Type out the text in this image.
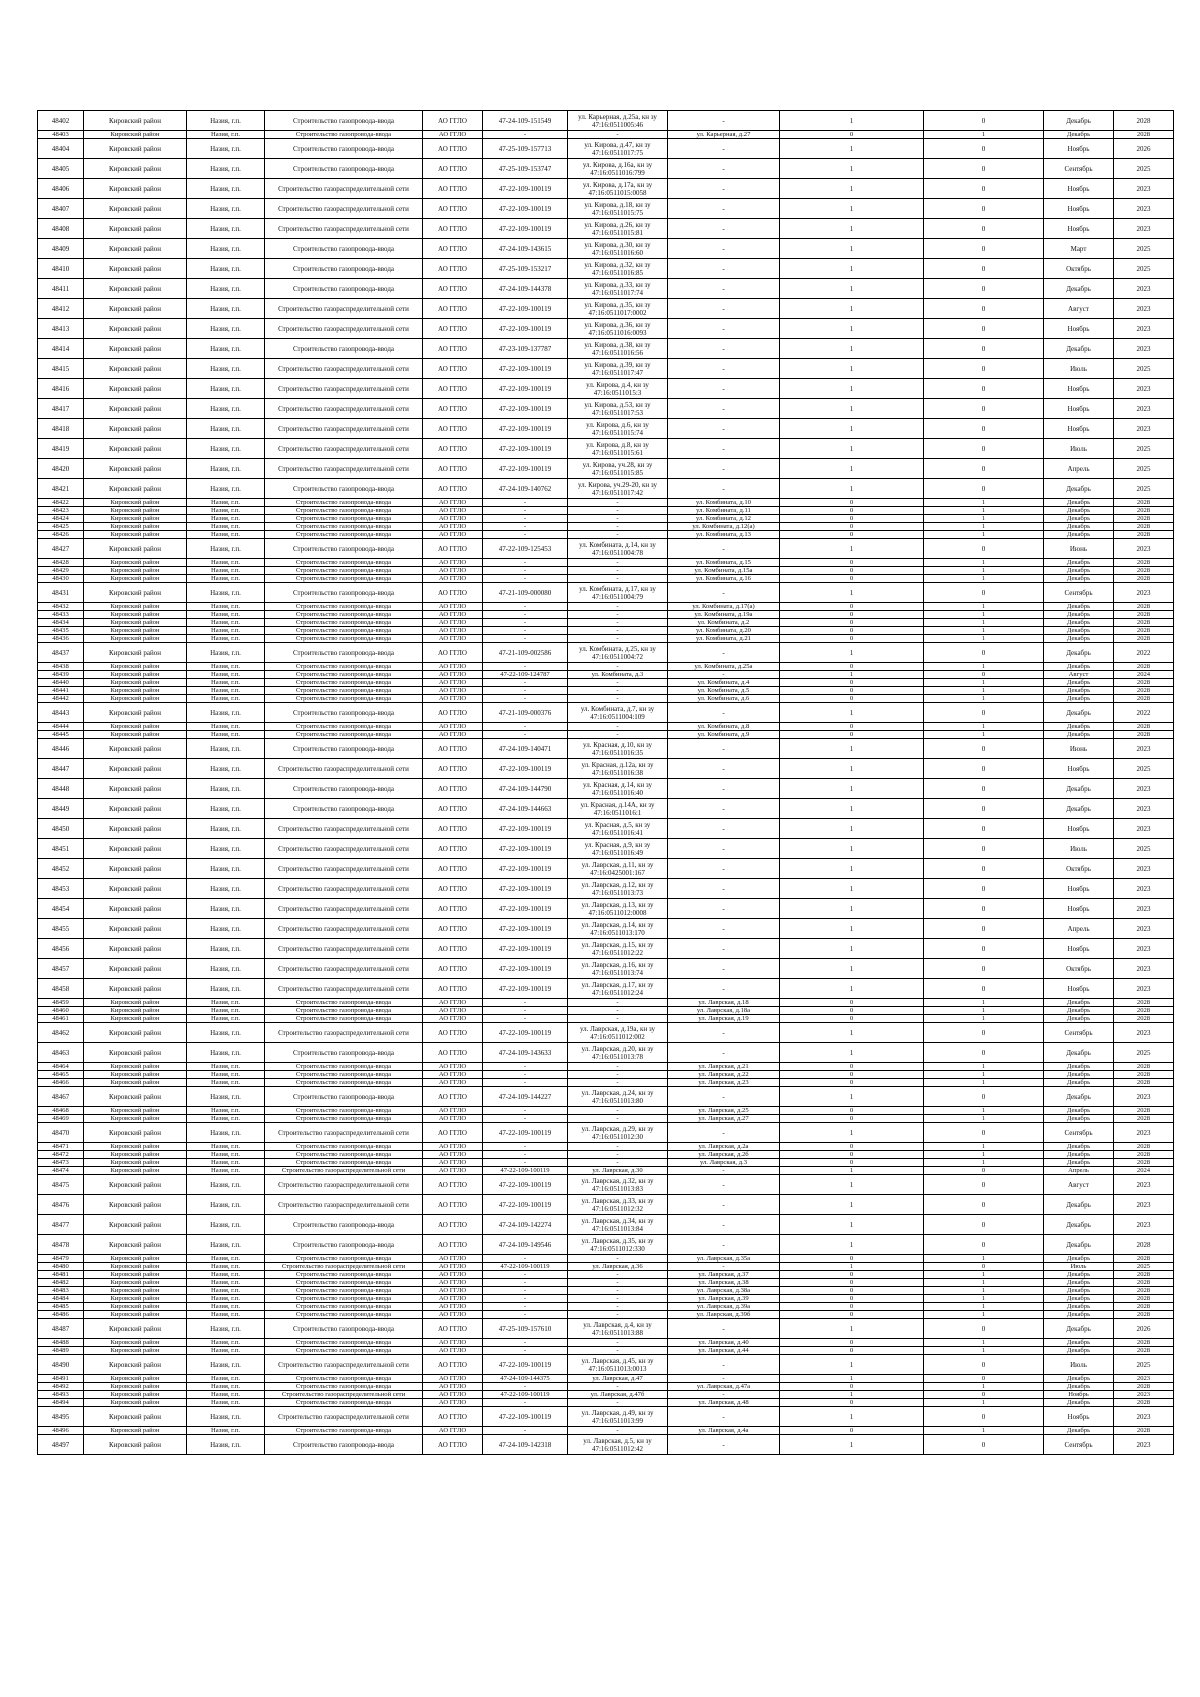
48402	Кировский район	Назия, г.п.	Строительство газопровода-ввода	АО ГГЛО	47-24-109-151549	ул. Карьерная, д.25а, кн зу 47:16:0511005:46	-	1	0	Декабрь	2028
48403	Кировский район	Назия, г.п.	Строительство газопровода-ввода	АО ГГЛО	-	-	ул. Карьерная, д.27	0	1	Декабрь	2028
48404	Кировский район	Назия, г.п.	Строительство газопровода-ввода	АО ГГЛО	47-25-109-157713	ул. Кирова, д.47, кн зу 47:16:0511017:75	-	1	0	Ноябрь	2026
48405	Кировский район	Назия, г.п.	Строительство газопровода-ввода	АО ГГЛО	47-25-109-153747	ул. Кирова, д.16а, кн зу 47:16:0511016:799	-	1	0	Сентябрь	2025
48406	Кировский район	Назия, г.п.	Строительство газораспределительной сети	АО ГГЛО	47-22-109-100119	ул. Кирова, д.17а, кн зу 47:16:0511015:0058	-	1	0	Ноябрь	2023
48407	Кировский район	Назия, г.п.	Строительство газораспределительной сети	АО ГГЛО	47-22-109-100119	ул. Кирова, д.18, кн зу 47:16:0511015:75	-	1	0	Ноябрь	2023
48408	Кировский район	Назия, г.п.	Строительство газораспределительной сети	АО ГГЛО	47-22-109-100119	ул. Кирова, д.26, кн зу 47:16:0511015:81	-	1	0	Ноябрь	2023
48409	Кировский район	Назия, г.п.	Строительство газопровода-ввода	АО ГГЛО	47-24-109-143615	ул. Кирова, д.30, кн зу 47:16:0511016:60	-	1	0	Март	2025
48410	Кировский район	Назия, г.п.	Строительство газопровода-ввода	АО ГГЛО	47-25-109-153217	ул. Кирова, д.32, кн зу 47:16:0511016:85	-	1	0	Октябрь	2025
48411	Кировский район	Назия, г.п.	Строительство газопровода-ввода	АО ГГЛО	47-24-109-144378	ул. Кирова, д.33, кн зу 47:16:0511017:74	-	1	0	Декабрь	2023
48412	Кировский район	Назия, г.п.	Строительство газораспределительной сети	АО ГГЛО	47-22-109-100119	ул. Кирова, д.35, кн зу 47:16:0511017:0002	-	1	0	Август	2023
48413	Кировский район	Назия, г.п.	Строительство газораспределительной сети	АО ГГЛО	47-22-109-100119	ул. Кирова, д.36, кн зу 47:16:0511016:0093	-	1	0	Ноябрь	2023
48414	Кировский район	Назия, г.п.	Строительство газопровода-ввода	АО ГГЛО	47-23-109-137787	ул. Кирова, д.38, кн зу 47:16:0511016:56	-	1	0	Декабрь	2023
48415	Кировский район	Назия, г.п.	Строительство газораспределительной сети	АО ГГЛО	47-22-109-100119	ул. Кирова, д.39, кн зу 47:16:0511017:47	-	1	0	Июль	2025
48416	Кировский район	Назия, г.п.	Строительство газораспределительной сети	АО ГГЛО	47-22-109-100119	ул. Кирова, д.4, кн зу 47:16:0511015:3	-	1	0	Ноябрь	2023
48417	Кировский район	Назия, г.п.	Строительство газораспределительной сети	АО ГГЛО	47-22-109-100119	ул. Кирова, д.53, кн зу 47:16:0511017:53	-	1	0	Ноябрь	2023
48418	Кировский район	Назия, г.п.	Строительство газораспределительной сети	АО ГГЛО	47-22-109-100119	ул. Кирова, д.6, кн зу 47:16:0511015:74	-	1	0	Ноябрь	2023
48419	Кировский район	Назия, г.п.	Строительство газораспределительной сети	АО ГГЛО	47-22-109-100119	ул. Кирова, д.8, кн зу 47:16:0511015:61	-	1	0	Июль	2025
48420	Кировский район	Назия, г.п.	Строительство газораспределительной сети	АО ГГЛО	47-22-109-100119	ул. Кирова, уч.28, кн зу 47:16:0511015:85	-	1	0	Апрель	2025
48421	Кировский район	Назия, г.п.	Строительство газопровода-ввода	АО ГГЛО	47-24-109-140762	ул. Кирова, уч.29-20, кн зу 47:16:0511017:42	-	1	0	Декабрь	2025
48422	Кировский район	Назия, г.п.	Строительство газопровода-ввода	АО ГГЛО	-	-	ул. Комбината, д.10	0	1	Декабрь	2028
48423	Кировский район	Назия, г.п.	Строительство газопровода-ввода	АО ГГЛО	-	-	ул. Комбината, д.11	0	1	Декабрь	2028
48424	Кировский район	Назия, г.п.	Строительство газопровода-ввода	АО ГГЛО	-	-	ул. Комбината, д.12	0	1	Декабрь	2028
48425	Кировский район	Назия, г.п.	Строительство газопровода-ввода	АО ГГЛО	-	-	ул. Комбината, д.12(а)	0	1	Декабрь	2028
48426	Кировский район	Назия, г.п.	Строительство газопровода-ввода	АО ГГЛО	-	-	ул. Комбината, д.13	0	1	Декабрь	2028
48427	Кировский район	Назия, г.п.	Строительство газопровода-ввода	АО ГГЛО	47-22-109-125453	ул. Комбината, д.14, кн зу 47:16:0511004:78	-	1	0	Июнь	2023
48428	Кировский район	Назия, г.п.	Строительство газопровода-ввода	АО ГГЛО	-	-	ул. Комбината, д.15	0	1	Декабрь	2028
48429	Кировский район	Назия, г.п.	Строительство газопровода-ввода	АО ГГЛО	-	-	ул. Комбината, д.15а	0	1	Декабрь	2028
48430	Кировский район	Назия, г.п.	Строительство газопровода-ввода	АО ГГЛО	-	-	ул. Комбината, д.16	0	1	Декабрь	2028
48431	Кировский район	Назия, г.п.	Строительство газопровода-ввода	АО ГГЛО	47-21-109-000080	ул. Комбината, д.17, кн зу 47:16:0511004:79	-	1	0	Сентябрь	2023
48432	Кировский район	Назия, г.п.	Строительство газопровода-ввода	АО ГГЛО	-	-	ул. Комбината, д.17(а)	0	1	Декабрь	2028
48433	Кировский район	Назия, г.п.	Строительство газопровода-ввода	АО ГГЛО	-	-	ул. Комбината, д.19а	0	1	Декабрь	2028
48434	Кировский район	Назия, г.п.	Строительство газопровода-ввода	АО ГГЛО	-	-	ул. Комбината, д.2	0	1	Декабрь	2028
48435	Кировский район	Назия, г.п.	Строительство газопровода-ввода	АО ГГЛО	-	-	ул. Комбината, д.20	0	1	Декабрь	2028
48436	Кировский район	Назия, г.п.	Строительство газопровода-ввода	АО ГГЛО	-	-	ул. Комбината, д.21	0	1	Декабрь	2028
48437	Кировский район	Назия, г.п.	Строительство газопровода-ввода	АО ГГЛО	47-21-109-002586	ул. Комбината, д.25, кн зу 47:16:0511004:72	-	1	0	Декабрь	2022
48438	Кировский район	Назия, г.п.	Строительство газопровода-ввода	АО ГГЛО	-	-	ул. Комбината, д.25а	0	1	Декабрь	2028
48439	Кировский район	Назия, г.п.	Строительство газопровода-ввода	АО ГГЛО	47-22-109-124787	ул. Комбината, д.3	-	1	0	Август	2024
48440	Кировский район	Назия, г.п.	Строительство газопровода-ввода	АО ГГЛО	-	-	ул. Комбината, д.4	0	1	Декабрь	2028
48441	Кировский район	Назия, г.п.	Строительство газопровода-ввода	АО ГГЛО	-	-	ул. Комбината, д.5	0	1	Декабрь	2028
48442	Кировский район	Назия, г.п.	Строительство газопровода-ввода	АО ГГЛО	-	-	ул. Комбината, д.6	0	1	Декабрь	2028
48443	Кировский район	Назия, г.п.	Строительство газопровода-ввода	АО ГГЛО	47-21-109-000376	ул. Комбината, д.7, кн зу 47:16:0511004:109	-	1	0	Декабрь	2022
48444	Кировский район	Назия, г.п.	Строительство газопровода-ввода	АО ГГЛО	-	-	ул. Комбината, д.8	0	1	Декабрь	2028
48445	Кировский район	Назия, г.п.	Строительство газопровода-ввода	АО ГГЛО	-	-	ул. Комбината, д.9	0	1	Декабрь	2028
48446	Кировский район	Назия, г.п.	Строительство газопровода-ввода	АО ГГЛО	47-24-109-140471	ул. Красная, д.10, кн зу 47:16:0511016:35	-	1	0	Июнь	2023
48447	Кировский район	Назия, г.п.	Строительство газораспределительной сети	АО ГГЛО	47-22-109-100119	ул. Красная, д.12а, кн зу 47:16:0511016:38	-	1	0	Ноябрь	2025
48448	Кировский район	Назия, г.п.	Строительство газопровода-ввода	АО ГГЛО	47-24-109-144790	ул. Красная, д.14, кн зу 47:16:0511016:40	-	1	0	Декабрь	2023
48449	Кировский район	Назия, г.п.	Строительство газопровода-ввода	АО ГГЛО	47-24-109-144663	ул. Красная, д.14А, кн зу 47:16:0511016:1	-	1	0	Декабрь	2023
48450	Кировский район	Назия, г.п.	Строительство газораспределительной сети	АО ГГЛО	47-22-109-100119	ул. Красная, д.5, кн зу 47:16:0511016:41	-	1	0	Ноябрь	2023
48451	Кировский район	Назия, г.п.	Строительство газораспределительной сети	АО ГГЛО	47-22-109-100119	ул. Красная, д.9, кн зу 47:16:0511016:49	-	1	0	Июль	2025
48452	Кировский район	Назия, г.п.	Строительство газораспределительной сети	АО ГГЛО	47-22-109-100119	ул. Лаврская, д.11, кн зу 47:16:0425001:167	-	1	0	Октябрь	2023
48453	Кировский район	Назия, г.п.	Строительство газораспределительной сети	АО ГГЛО	47-22-109-100119	ул. Лаврская, д.12, кн зу 47:16:0511013:73	-	1	0	Ноябрь	2023
48454	Кировский район	Назия, г.п.	Строительство газораспределительной сети	АО ГГЛО	47-22-109-100119	ул. Лаврская, д.13, кн зу 47:16:0511012:0008	-	1	0	Ноябрь	2023
48455	Кировский район	Назия, г.п.	Строительство газораспределительной сети	АО ГГЛО	47-22-109-100119	ул. Лаврская, д.14, кн зу 47:16:0511013:170	-	1	0	Апрель	2023
48456	Кировский район	Назия, г.п.	Строительство газораспределительной сети	АО ГГЛО	47-22-109-100119	ул. Лаврская, д.15, кн зу 47:16:0511012:22	-	1	0	Ноябрь	2023
48457	Кировский район	Назия, г.п.	Строительство газораспределительной сети	АО ГГЛО	47-22-109-100119	ул. Лаврская, д.16, кн зу 47:16:0511013:74	-	1	0	Октябрь	2023
48458	Кировский район	Назия, г.п.	Строительство газораспределительной сети	АО ГГЛО	47-22-109-100119	ул. Лаврская, д.17, кн зу 47:16:0511012:24	-	1	0	Ноябрь	2023
48459	Кировский район	Назия, г.п.	Строительство газопровода-ввода	АО ГГЛО	-	-	ул. Лаврская, д.18	0	1	Декабрь	2028
48460	Кировский район	Назия, г.п.	Строительство газопровода-ввода	АО ГГЛО	-	-	ул. Лаврская, д.18а	0	1	Декабрь	2028
48461	Кировский район	Назия, г.п.	Строительство газопровода-ввода	АО ГГЛО	-	-	ул. Лаврская, д.19	0	1	Декабрь	2028
48462	Кировский район	Назия, г.п.	Строительство газораспределительной сети	АО ГГЛО	47-22-109-100119	ул. Лаврская, д.19а, кн зу 47:16:0511012:002	-	1	0	Сентябрь	2023
48463	Кировский район	Назия, г.п.	Строительство газопровода-ввода	АО ГГЛО	47-24-109-143633	ул. Лаврская, д.20, кн зу 47:16:0511013:78	-	1	0	Декабрь	2025
48464	Кировский район	Назия, г.п.	Строительство газопровода-ввода	АО ГГЛО	-	-	ул. Лаврская, д.21	0	1	Декабрь	2028
48465	Кировский район	Назия, г.п.	Строительство газопровода-ввода	АО ГГЛО	-	-	ул. Лаврская, д.22	0	1	Декабрь	2028
48466	Кировский район	Назия, г.п.	Строительство газопровода-ввода	АО ГГЛО	-	-	ул. Лаврская, д.23	0	1	Декабрь	2028
48467	Кировский район	Назия, г.п.	Строительство газопровода-ввода	АО ГГЛО	47-24-109-144227	ул. Лаврская, д.24, кн зу 47:16:0511013:80	-	1	0	Декабрь	2023
48468	Кировский район	Назия, г.п.	Строительство газопровода-ввода	АО ГГЛО	-	-	ул. Лаврская, д.25	0	1	Декабрь	2028
48469	Кировский район	Назия, г.п.	Строительство газопровода-ввода	АО ГГЛО	-	-	ул. Лаврская, д.27	0	1	Декабрь	2028
48470	Кировский район	Назия, г.п.	Строительство газораспределительной сети	АО ГГЛО	47-22-109-100119	ул. Лаврская, д.29, кн зу 47:16:0511012:30	-	1	0	Сентябрь	2023
48471	Кировский район	Назия, г.п.	Строительство газопровода-ввода	АО ГГЛО	-	-	ул. Лаврская, д.2а	0	1	Декабрь	2028
48472	Кировский район	Назия, г.п.	Строительство газопровода-ввода	АО ГГЛО	-	-	ул. Лаврская, д.2б	0	1	Декабрь	2028
48473	Кировский район	Назия, г.п.	Строительство газопровода-ввода	АО ГГЛО	-	-	ул. Лаврская, д.3	0	1	Декабрь	2028
48474	Кировский район	Назия, г.п.	Строительство газораспределительной сети	АО ГГЛО	47-22-109-100119	ул. Лаврская, д.30	-	1	0	Апрель	2024
48475	Кировский район	Назия, г.п.	Строительство газораспределительной сети	АО ГГЛО	47-22-109-100119	ул. Лаврская, д.32, кн зу 47:16:0511013:83	-	1	0	Август	2023
48476	Кировский район	Назия, г.п.	Строительство газораспределительной сети	АО ГГЛО	47-22-109-100119	ул. Лаврская, д.33, кн зу 47:16:0511012:32	-	1	0	Декабрь	2023
48477	Кировский район	Назия, г.п.	Строительство газопровода-ввода	АО ГГЛО	47-24-109-142274	ул. Лаврская, д.34, кн зу 47:16:0511013:84	-	1	0	Декабрь	2023
48478	Кировский район	Назия, г.п.	Строительство газопровода-ввода	АО ГГЛО	47-24-109-149546	ул. Лаврская, д.35, кн зу 47:16:0511012:330	-	1	0	Декабрь	2028
48479	Кировский район	Назия, г.п.	Строительство газопровода-ввода	АО ГГЛО	-	-	ул. Лаврская, д.35а	0	1	Декабрь	2028
48480	Кировский район	Назия, г.п.	Строительство газораспределительной сети	АО ГГЛО	47-22-109-100119	ул. Лаврская, д.36	-	1	0	Июль	2025
48481	Кировский район	Назия, г.п.	Строительство газопровода-ввода	АО ГГЛО	-	-	ул. Лаврская, д.37	0	1	Декабрь	2028
48482	Кировский район	Назия, г.п.	Строительство газопровода-ввода	АО ГГЛО	-	-	ул. Лаврская, д.38	0	1	Декабрь	2028
48483	Кировский район	Назия, г.п.	Строительство газопровода-ввода	АО ГГЛО	-	-	ул. Лаврская, д.38а	0	1	Декабрь	2028
48484	Кировский район	Назия, г.п.	Строительство газопровода-ввода	АО ГГЛО	-	-	ул. Лаврская, д.39	0	1	Декабрь	2028
48485	Кировский район	Назия, г.п.	Строительство газопровода-ввода	АО ГГЛО	-	-	ул. Лаврская, д.39а	0	1	Декабрь	2028
48486	Кировский район	Назия, г.п.	Строительство газопровода-ввода	АО ГГЛО	-	-	ул. Лаврская, д.39б	0	1	Декабрь	2028
48487	Кировский район	Назия, г.п.	Строительство газопровода-ввода	АО ГГЛО	47-25-109-157610	ул. Лаврская, д.4, кн зу 47:16:0511013:88	-	1	0	Декабрь	2026
48488	Кировский район	Назия, г.п.	Строительство газопровода-ввода	АО ГГЛО	-	-	ул. Лаврская, д.40	0	1	Декабрь	2028
48489	Кировский район	Назия, г.п.	Строительство газопровода-ввода	АО ГГЛО	-	-	ул. Лаврская, д.44	0	1	Декабрь	2028
48490	Кировский район	Назия, г.п.	Строительство газораспределительной сети	АО ГГЛО	47-22-109-100119	ул. Лаврская, д.45, кн зу 47:16:0511013:0013	-	1	0	Июль	2025
48491	Кировский район	Назия, г.п.	Строительство газопровода-ввода	АО ГГЛО	47-24-109-144375	ул. Лаврская, д.47	-	1	0	Декабрь	2023
48492	Кировский район	Назия, г.п.	Строительство газопровода-ввода	АО ГГЛО	-	-	ул. Лаврская, д.47а	0	1	Декабрь	2028
48493	Кировский район	Назия, г.п.	Строительство газораспределительной сети	АО ГГЛО	47-22-109-100119	ул. Лаврская, д.47б	-	1	0	Ноябрь	2023
48494	Кировский район	Назия, г.п.	Строительство газопровода-ввода	АО ГГЛО	-	-	ул. Лаврская, д.48	0	1	Декабрь	2028
48495	Кировский район	Назия, г.п.	Строительство газораспределительной сети	АО ГГЛО	47-22-109-100119	ул. Лаврская, д.49, кн зу 47:16:0511013:99	-	1	0	Ноябрь	2023
48496	Кировский район	Назия, г.п.	Строительство газопровода-ввода	АО ГГЛО	-	-	ул. Лаврская, д.4а	0	1	Декабрь	2028
48497	Кировский район	Назия, г.п.	Строительство газопровода-ввода	АО ГГЛО	47-24-109-142318	ул. Лаврская, д.5, кн зу 47:16:0511012:42	-	1	0	Сентябрь	2023
